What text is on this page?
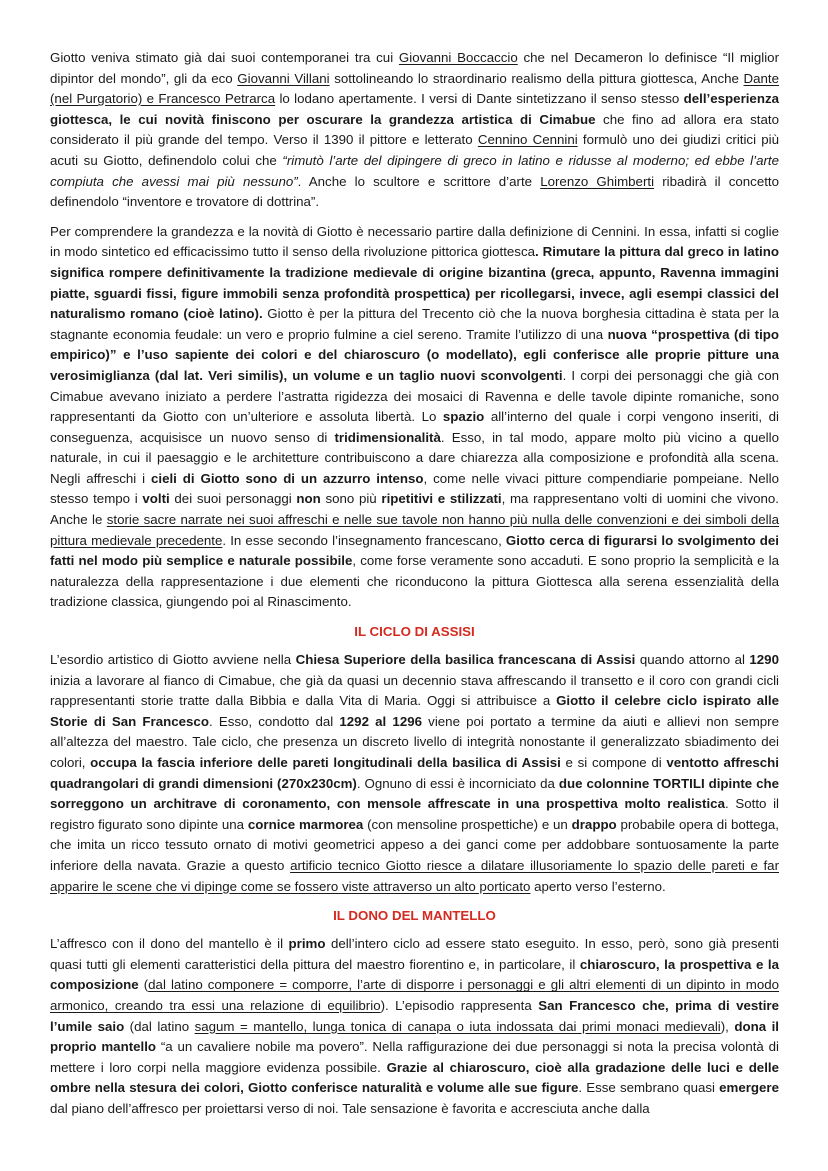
Giotto veniva stimato già dai suoi contemporanei tra cui Giovanni Boccaccio che nel Decameron lo definisce “Il miglior dipintor del mondo”, gli da eco Giovanni Villani sottolineando lo straordinario realismo della pittura giottesca, Anche Dante (nel Purgatorio) e Francesco Petrarca lo lodano apertamente. I versi di Dante sintetizzano il senso stesso dell’esperienza giottesca, le cui novità finiscono per oscurare la grandezza artistica di Cimabue che fino ad allora era stato considerato il più grande del tempo. Verso il 1390 il pittore e letterato Cennino Cennini formulò uno dei giudizi critici più acuti su Giotto, definendolo colui che “rimutò l’arte del dipingere di greco in latino e ridusse al moderno; ed ebbe l’arte compiuta che avessi mai più nessuno”. Anche lo scultore e scrittore d’arte Lorenzo Ghimberti ribadirà il concetto definendolo “inventore e trovatore di dottrina”.

Per comprendere la grandezza e la novità di Giotto è necessario partire dalla definizione di Cennini. In essa, infatti si coglie in modo sintetico ed efficacissimo tutto il senso della rivoluzione pittorica giottesca. Rimutare la pittura dal greco in latino significa rompere definitivamente la tradizione medievale di origine bizantina (greca, appunto, Ravenna immagini piatte, sguardi fissi, figure immobili senza profondità prospettica) per ricollegarsi, invece, agli esempi classici del naturalismo romano (cioè latino). Giotto è per la pittura del Trecento ciò che la nuova borghesia cittadina è stata per la stagnante economia feudale: un vero e proprio fulmine a ciel sereno. Tramite l’utilizzo di una nuova “prospettiva (di tipo empirico)” e l’uso sapiente dei colori e del chiaroscuro (o modellato), egli conferisce alle proprie pitture una verosimiglianza (dal lat. Veri similis), un volume e un taglio nuovi sconvolgenti. I corpi dei personaggi che già con Cimabue avevano iniziato a perdere l’astratta rigidezza dei mosaici di Ravenna e delle tavole dipinte romaniche, sono rappresentanti da Giotto con un’ulteriore e assoluta libertà. Lo spazio all’interno del quale i corpi vengono inseriti, di conseguenza, acquisisce un nuovo senso di tridimensionalità. Esso, in tal modo, appare molto più vicino a quello naturale, in cui il paesaggio e le architetture contribuiscono a dare chiarezza alla composizione e profondità alla scena. Negli affreschi i cieli di Giotto sono di un azzurro intenso, come nelle vivaci pitture compendiarie pompeiane. Nello stesso tempo i volti dei suoi personaggi non sono più ripetitivi e stilizzati, ma rappresentano volti di uomini che vivono. Anche le storie sacre narrate nei suoi affreschi e nelle sue tavole non hanno più nulla delle convenzioni e dei simboli della pittura medievale precedente. In esse secondo l’insegnamento francescano, Giotto cerca di figurarsi lo svolgimento dei fatti nel modo più semplice e naturale possibile, come forse veramente sono accaduti. E sono proprio la semplicità e la naturalezza della rappresentazione i due elementi che riconducono la pittura Giottesca alla serena essenzialità della tradizione classica, giungendo poi al Rinascimento.

IL CICLO DI ASSISI

L’esordio artistico di Giotto avviene nella Chiesa Superiore della basilica francescana di Assisi quando attorno al 1290 inizia a lavorare al fianco di Cimabue, che già da quasi un decennio stava affrescando il transetto e il coro con grandi cicli rappresentanti storie tratte dalla Bibbia e dalla Vita di Maria. Oggi si attribuisce a Giotto il celebre ciclo ispirato alle Storie di San Francesco. Esso, condotto dal 1292 al 1296 viene poi portato a termine da aiuti e allievi non sempre all’altezza del maestro. Tale ciclo, che presenza un discreto livello di integrità nonostante il generalizzato sbiadimento dei colori, occupa la fascia inferiore delle pareti longitudinali della basilica di Assisi e si compone di ventotto affreschi quadrangolari di grandi dimensioni (270x230cm). Ognuno di essi è incorniciato da due colonnine TORTILI dipinte che sorreggono un architrave di coronamento, con mensole affrescate in una prospettiva molto realistica. Sotto il registro figurato sono dipinte una cornice marmorea (con mensoline prospettiche) e un drappo probabile opera di bottega, che imita un ricco tessuto ornato di motivi geometrici appeso a dei ganci come per addobbare sontuosamente la parte inferiore della navata. Grazie a questo artificio tecnico Giotto riesce a dilatare illusoriamente lo spazio delle pareti e far apparire le scene che vi dipinge come se fossero viste attraverso un alto porticato aperto verso l’esterno.

IL DONO DEL MANTELLO

L’affresco con il dono del mantello è il primo dell’intero ciclo ad essere stato eseguito. In esso, però, sono già presenti quasi tutti gli elementi caratteristici della pittura del maestro fiorentino e, in particolare, il chiaroscuro, la prospettiva e la composizione (dal latino componere = comporre, l’arte di disporre i personaggi e gli altri elementi di un dipinto in modo armonico, creando tra essi una relazione di equilibrio). L’episodio rappresenta San Francesco che, prima di vestire l’umile saio (dal latino sagum = mantello, lunga tonica di canapa o iuta indossata dai primi monaci medievali), dona il proprio mantello “a un cavaliere nobile ma povero”. Nella raffigurazione dei due personaggi si nota la precisa volontà di mettere i loro corpi nella maggiore evidenza possibile. Grazie al chiaroscuro, cioè alla gradazione delle luci e delle ombre nella stesura dei colori, Giotto conferisce naturalità e volume alle sue figure. Esse sembrano quasi emergere dal piano dell’affresco per proiettarsi verso di noi. Tale sensazione è favorita e accresciuta anche dalla
